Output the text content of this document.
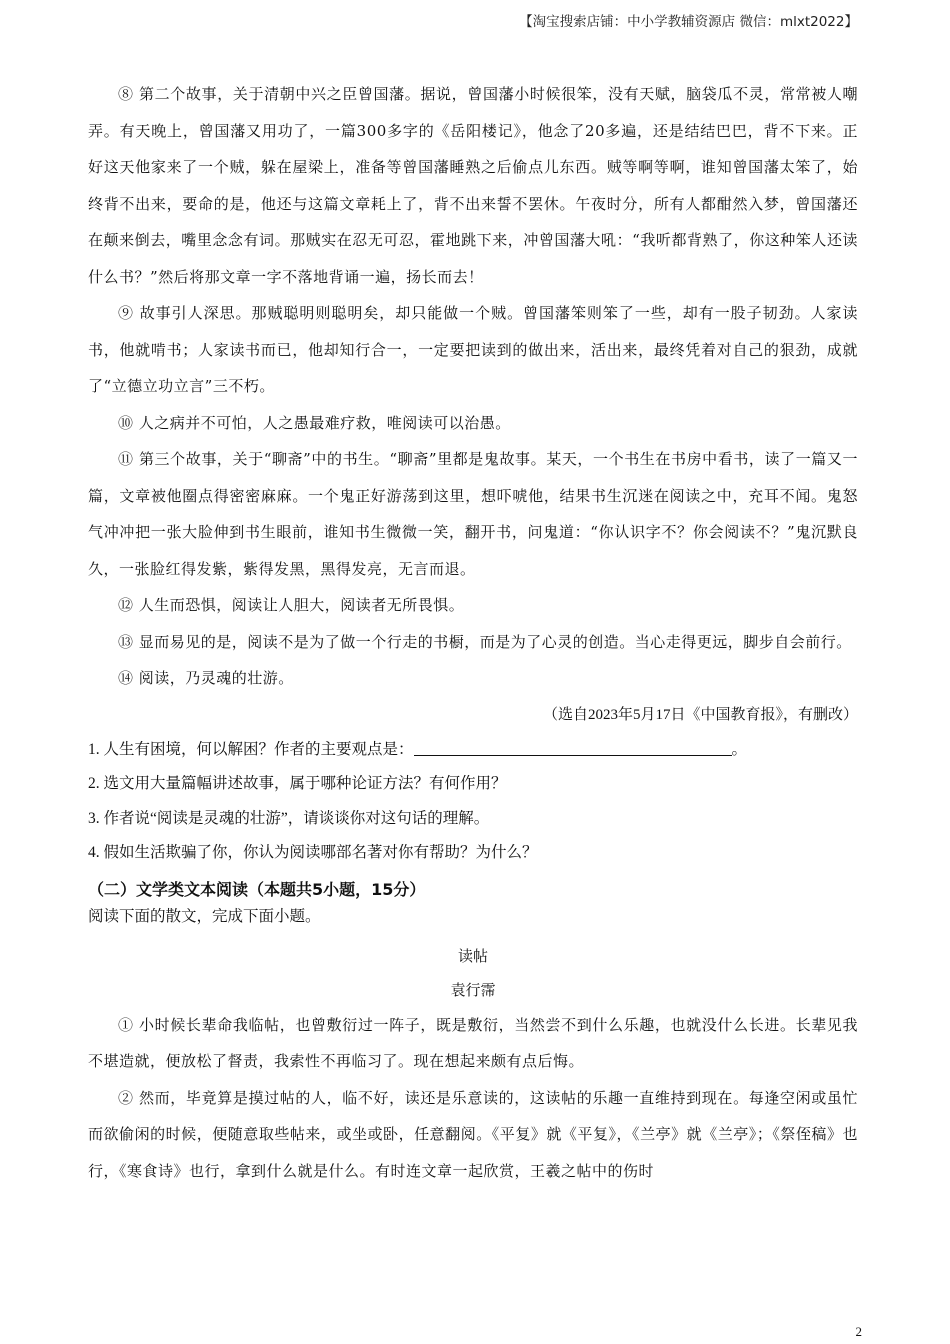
【淘宝搜索店铺：中小学教辅资源店 微信：mlxt2022】

⑧ 第二个故事，关于清朝中兴之臣曾国藩。据说，曾国藩小时候很笨，没有天赋，脑袋瓜不灵，常常被人嘲弄。有天晚上，曾国藩又用功了，一篇300多字的《岳阳楼记》，他念了20多遍，还是结结巴巴，背不下来。正好这天他家来了一个贼，躲在屋梁上，准备等曾国藩睡熟之后偷点儿东西。贼等啊等啊，谁知曾国藩太笨了，始终背不出来，要命的是，他还与这篇文章耗上了，背不出来誓不罢休。午夜时分，所有人都酣然入梦，曾国藩还在颠来倒去，嘴里念念有词。那贼实在忍无可忍，霍地跳下来，冲曾国藩大吼：“我听都背熟了，你这种笨人还读什么书？”然后将那文章一字不落地背诵一遍，扬长而去！

⑨ 故事引人深思。那贼聪明则聪明矣，却只能做一个贼。曾国藩笨则笨了一些，却有一股子韧劲。人家读书，他就啃书；人家读书而已，他却知行合一，一定要把读到的做出来，活出来，最终凭着对自己的狠劲，成就了“立德立功立言”三不朽。

⑩ 人之病并不可怕，人之愚最难疗救，唯阅读可以治愚。

⑪ 第三个故事，关于“聊斋”中的书生。“聊斋”里都是鬼故事。某天，一个书生在书房中看书，读了一篇又一篇，文章被他圈点得密密麻麻。一个鬼正好游荡到这里，想吓唬他，结果书生沉迷在阅读之中，充耳不闻。鬼怒气冲冲把一张大脸伸到书生眼前，谁知书生微微一笑，翻开书，问鬼道：“你认识字不？你会阅读不？”鬼沉默良久，一张脸红得发紫，紫得发黑，黑得发亮，无言而退。

⑫ 人生而恐惧，阅读让人胆大，阅读者无所畏惧。

⑬ 显而易见的是，阅读不是为了做一个行走的书橱，而是为了心灵的创造。当心走得更远，脚步自会前行。

⑭ 阅读，乃灵魂的壮游。

（选自2023年5月17日《中国教育报》，有删改）

1. 人生有困境，何以解困？作者的主要观点是：	。

2. 选文用大量篇幅讲述故事，属于哪种论证方法？有何作用？

3. 作者说“阅读是灵魂的壮游”，请谈谈你对这句话的理解。

4. 假如生活欺骗了你，你认为阅读哪部名著对你有帮助？为什么？

（二）文学类文本阅读（本题共5小题，15分）

阅读下面的散文，完成下面小题。

读帖

袁行霈

① 小时候长辈命我临帖，也曾敷衍过一阵子，既是敷衍，当然尝不到什么乐趣，也就没什么长进。长辈见我不堪造就，便放松了督责，我索性不再临习了。现在想起来颇有点后悔。

② 然而，毕竟算是摸过帖的人，临不好，读还是乐意读的，这读帖的乐趣一直维持到现在。每逢空闲或虽忙而欲偷闲的时候，便随意取些帖来，或坐或卧，任意翻阅。《平复》就《平复》，《兰亭》就《兰亭》；《祭侄稿》也行，《寒食诗》也行，拿到什么就是什么。有时连文章一起欣赏，王羲之帖中的伤时

2
